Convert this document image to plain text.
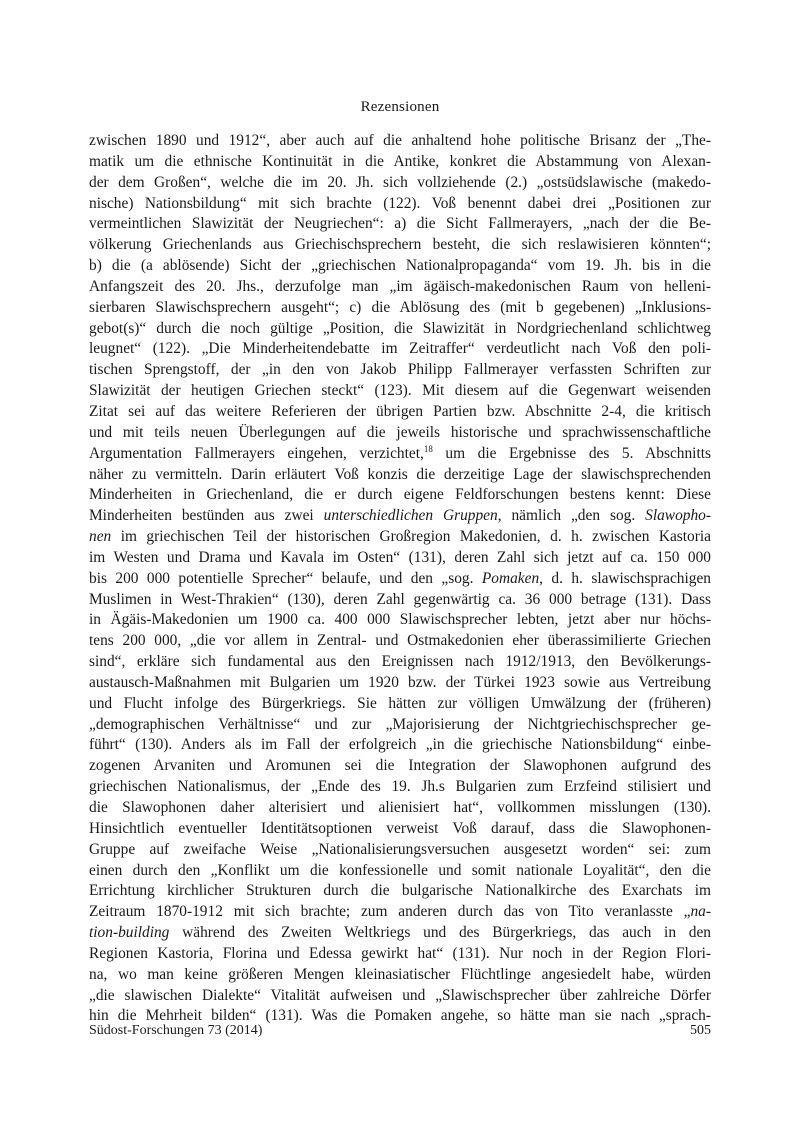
Rezensionen
zwischen 1890 und 1912“, aber auch auf die anhaltend hohe politische Brisanz der „The-
matik um die ethnische Kontinuität in die Antike, konkret die Abstammung von Alexan-
der dem Großen“, welche die im 20. Jh. sich vollziehende (2.) „ostsüdslawische (makedo-
nische) Nationsbildung“ mit sich brachte (122). Voß benennt dabei drei „Positionen zur
vermeintlichen Slawizität der Neugriechen“: a) die Sicht Fallmerayers, „nach der die Be-
völkerung Griechenlands aus Griechischsprechern besteht, die sich reslawisieren könnten“;
b) die (a ablösende) Sicht der „griechischen Nationalpropaganda“ vom 19. Jh. bis in die
Anfangszeit des 20. Jhs., derzufolge man „im ägäisch-makedonischen Raum von helleni-
sierbaren Slawischsprechern ausgeht“; c) die Ablösung des (mit b gegebenen) „Inklusions-
gebot(s)“ durch die noch gültige „Position, die Slawizität in Nordgriechenland schlichtweg
leugnet“ (122). „Die Minderheitendebatte im Zeitraffer“ verdeutlicht nach Voß den poli-
tischen Sprengstoff, der „in den von Jakob Philipp Fallmerayer verfassten Schriften zur
Slawizität der heutigen Griechen steckt“ (123). Mit diesem auf die Gegenwart weisenden
Zitat sei auf das weitere Referieren der übrigen Partien bzw. Abschnitte 2-4, die kritisch
und mit teils neuen Überlegungen auf die jeweils historische und sprachwissenschaftliche
Argumentation Fallmerayers eingehen, verzichtet,$^{18}$ um die Ergebnisse des 5. Abschnitts
näher zu vermitteln. Darin erläutert Voß konzis die derzeitige Lage der slawischsprechenden
Minderheiten in Griechenland, die er durch eigene Feldforschungen bestens kennt: Diese
Minderheiten bestünden aus zwei unterschiedlichen Gruppen, nämlich „den sog. Slawopho-
nen im griechischen Teil der historischen Großregion Makedonien, d. h. zwischen Kastoria
im Westen und Drama und Kavala im Osten“ (131), deren Zahl sich jetzt auf ca. 150 000
bis 200 000 potentielle Sprecher“ belaufe, und den „sog. Pomaken, d. h. slawischsprachigen
Muslimen in West-Thrakien“ (130), deren Zahl gegenwärtig ca. 36 000 betrage (131). Dass
in Ägäis-Makedonien um 1900 ca. 400 000 Slawischsprecher lebten, jetzt aber nur höchs-
tens 200 000, „die vor allem in Zentral- und Ostmakedonien eher überassimilierte Griechen
sind“, erkläre sich fundamental aus den Ereignissen nach 1912/1913, den Bevölkerungs-
austausch-Maßnahmen mit Bulgarien um 1920 bzw. der Türkei 1923 sowie aus Vertreibung
und Flucht infolge des Bürgerkriegs. Sie hätten zur völligen Umwälzung der (früheren)
„demographischen Verhältnisse“ und zur „Majorisierung der Nichtgriechischsprecher ge-
führt“ (130). Anders als im Fall der erfolgreich „in die griechische Nationsbildung“ einbe-
zogenen Arvaniten und Aromunen sei die Integration der Slawophonen aufgrund des
griechischen Nationalismus, der „Ende des 19. Jh.s Bulgarien zum Erzfeind stilisiert und
die Slawophonen daher alterisiert und alienisiert hat“, vollkommen misslungen (130).
Hinsichtlich eventueller Identitätsoptionen verweist Voß darauf, dass die Slawophonen-
Gruppe auf zweifache Weise „Nationalisierungsversuchen ausgesetzt worden“ sei: zum
einen durch den „Konflikt um die konfessionelle und somit nationale Loyalität“, den die
Errichtung kirchlicher Strukturen durch die bulgarische Nationalkirche des Exarchats im
Zeitraum 1870-1912 mit sich brachte; zum anderen durch das von Tito veranlasste „na-
tion-building während des Zweiten Weltkriegs und des Bürgerkriegs, das auch in den
Regionen Kastoria, Florina und Edessa gewirkt hat“ (131). Nur noch in der Region Flori-
na, wo man keine größeren Mengen kleinasiatischer Flüchtlinge angesiedelt habe, würden
„die slawischen Dialekte“ Vitalität aufweisen und „Slawischsprecher über zahlreiche Dörfer
hin die Mehrheit bilden“ (131). Was die Pomaken angehe, so hätte man sie nach „sprach-
Südost-Forschungen 73 (2014)	505
